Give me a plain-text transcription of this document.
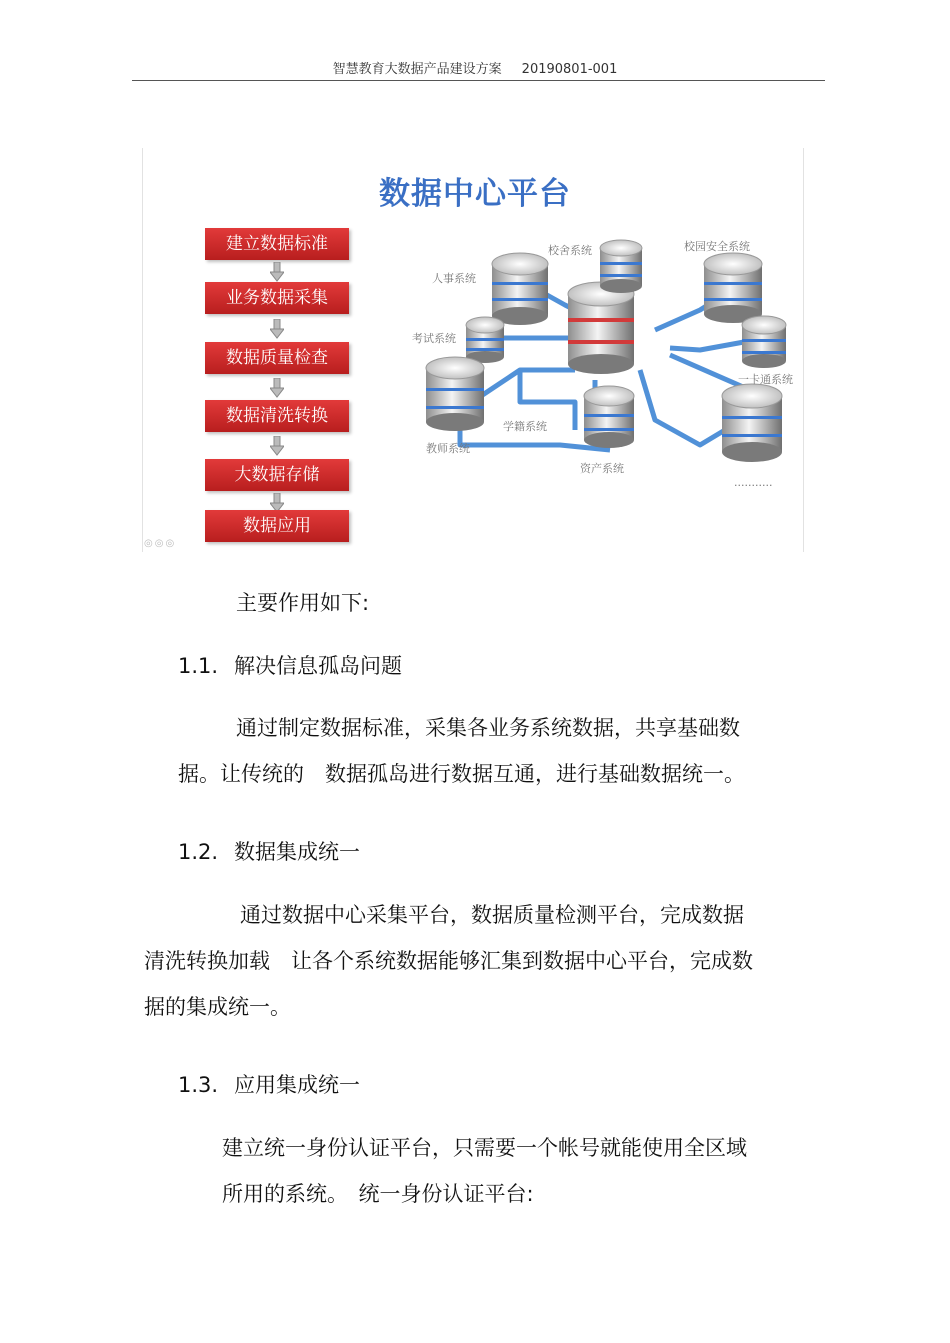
智慧教育大数据产品建设方案 20190801-001
数据中心平台
建立数据标准
业务数据采集
数据质量检查
数据清洗转换
大数据存储
数据应用
人事系统
校舍系统	校园安全系统
考试系统
一卡通系统
教师系统
学籍系统
资产系统
...........
◎◎◎
主要作用如下:
1.1. 解决信息孤岛问题
通过制定数据标准，采集各业务系统数据，共享基础数
据。让传统的　数据孤岛进行数据互通，进行基础数据统一。
1.2. 数据集成统一
通过数据中心采集平台，数据质量检测平台，完成数据
清洗转换加载　让各个系统数据能够汇集到数据中心平台，完成数
据的集成统一。
1.3. 应用集成统一
建立统一身份认证平台，只需要一个帐号就能使用全区域
所用的系统。　统一身份认证平台:
